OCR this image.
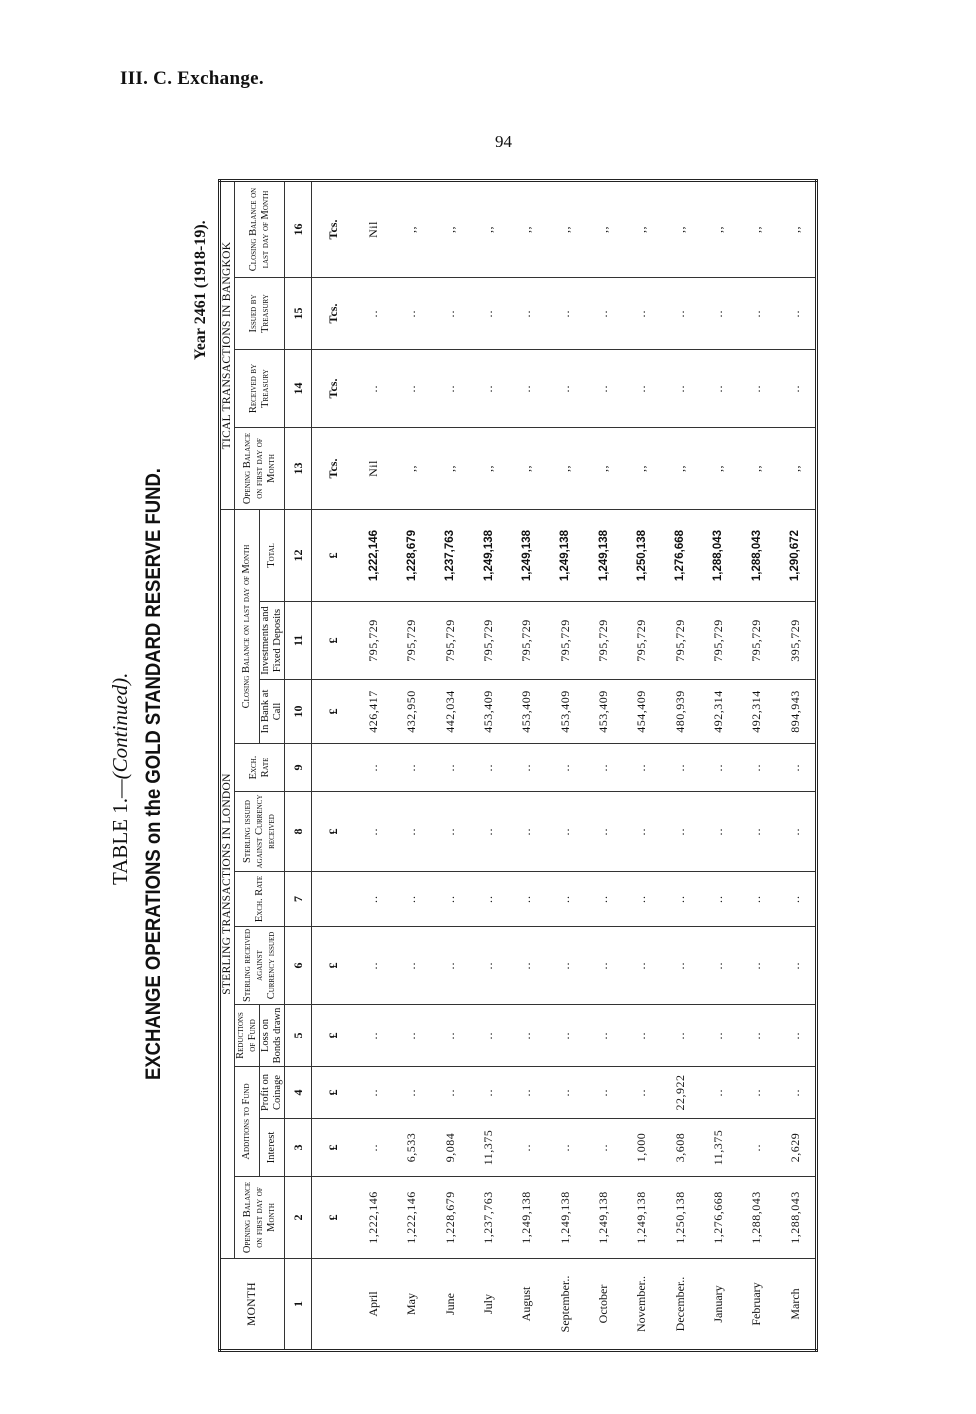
III. C. Exchange.
94
TABLE 1.—(Continued). EXCHANGE OPERATIONS on the GOLD STANDARD RESERVE FUND.
Year 2461 (1918-19).
MONTH	STERLING TRANSACTIONS IN LONDON											TICAL TRANSACTIONS IN BANGKOK			
	Opening Balance on first day of Month	Additions to Fund		Reductions of Fund	Sterling received against Currency issued	Exch. Rate	Sterling issued against Currency received	Exch. Rate	Closing Balance on last day of Month			Opening Balance on first day of Month	Received by Treasury	Issued by Treasury	Closing Balance on last day of Month
		Interest	Profit on Coinage	Loss on Bonds drawn					In Bank at Call	Investments and Fixed Deposits	Total				
1	2	3	4	5	6	7	8	9	10	11	12	13	14	15	16
	£	£	£	£	£		£		£	£	£	Tcs.	Tcs.	Tcs.	Tcs.
April	1,222,146	..	..	..	..	..	..	..	426,417	795,729	1,222,146	Nil	..	..	Nil
May	1,222,146	6,533	..	..	..	..	..	..	432,950	795,729	1,228,679	,,	..	..	,,
June	1,228,679	9,084	..	..	..	..	..	..	442,034	795,729	1,237,763	,,	..	..	,,
July	1,237,763	11,375	..	..	..	..	..	..	453,409	795,729	1,249,138	,,	..	..	,,
August	1,249,138	..	..	..	..	..	..	..	453,409	795,729	1,249,138	,,	..	..	,,
September..	1,249,138	..	..	..	..	..	..	..	453,409	795,729	1,249,138	,,	..	..	,,
October	1,249,138	..	..	..	..	..	..	..	453,409	795,729	1,249,138	,,	..	..	,,
November..	1,249,138	1,000	..	..	..	..	..	..	454,409	795,729	1,250,138	,,	..	..	,,
December..	1,250,138	3,608	22,922	..	..	..	..	..	480,939	795,729	1,276,668	,,	..	..	,,
January	1,276,668	11,375	..	..	..	..	..	..	492,314	795,729	1,288,043	,,	..	..	,,
February	1,288,043	..	..	..	..	..	..	..	492,314	795,729	1,288,043	,,	..	..	,,
March	1,288,043	2,629	..	..	..	..	..	..	894,943	395,729	1,290,672	,,	..	..	,,
